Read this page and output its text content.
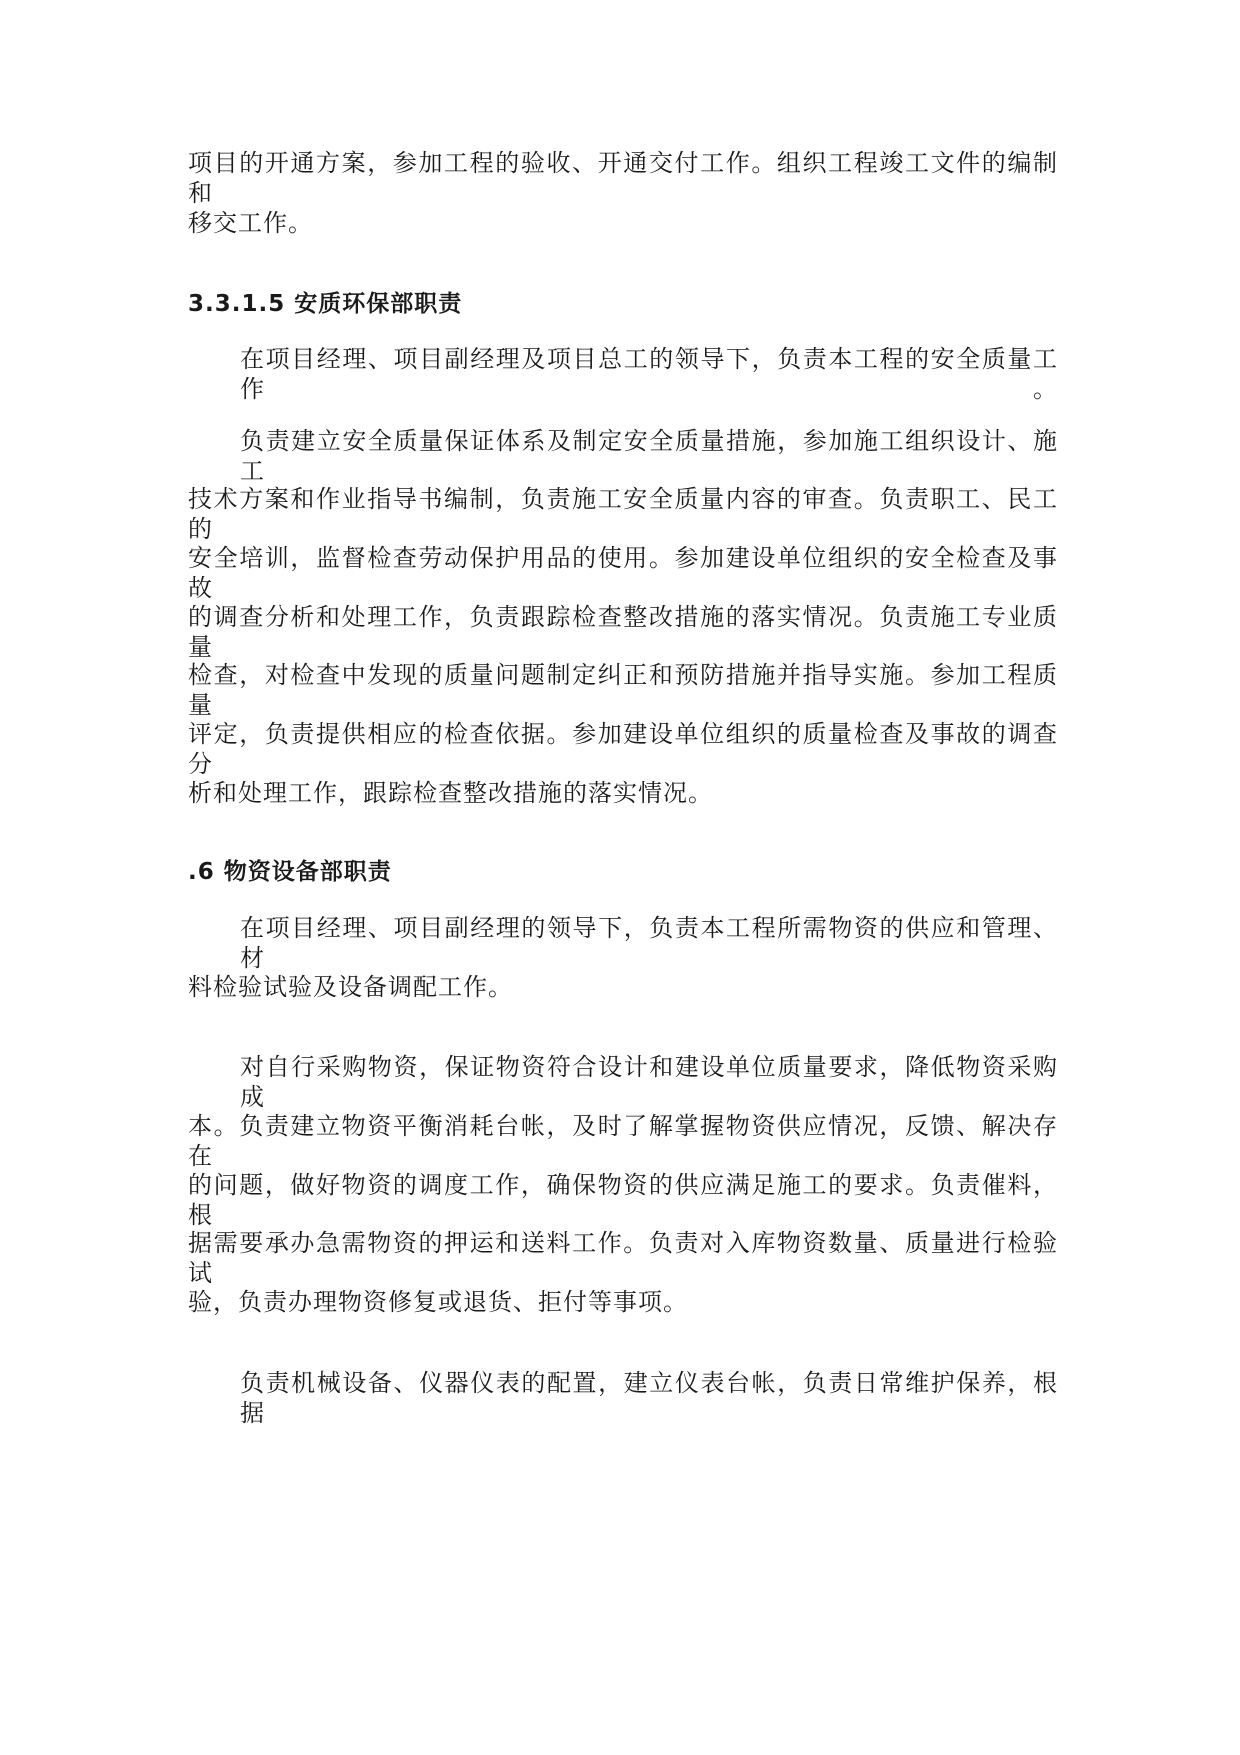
项目的开通方案，参加工程的验收、开通交付工作。组织工程竣工文件的编制和
移交工作。
3.3.1.5 安质环保部职责
在项目经理、项目副经理及项目总工的领导下，负责本工程的安全质量工作。
负责建立安全质量保证体系及制定安全质量措施，参加施工组织设计、施工
技术方案和作业指导书编制，负责施工安全质量内容的审查。负责职工、民工的
安全培训，监督检查劳动保护用品的使用。参加建设单位组织的安全检查及事故
的调查分析和处理工作，负责跟踪检查整改措施的落实情况。负责施工专业质量
检查，对检查中发现的质量问题制定纠正和预防措施并指导实施。参加工程质量
评定，负责提供相应的检查依据。参加建设单位组织的质量检查及事故的调查分
析和处理工作，跟踪检查整改措施的落实情况。
.6 物资设备部职责
在项目经理、项目副经理的领导下，负责本工程所需物资的供应和管理、材
料检验试验及设备调配工作。
对自行采购物资，保证物资符合设计和建设单位质量要求，降低物资采购成
本。负责建立物资平衡消耗台帐，及时了解掌握物资供应情况，反馈、解决存在
的问题，做好物资的调度工作，确保物资的供应满足施工的要求。负责催料，根
据需要承办急需物资的押运和送料工作。负责对入库物资数量、质量进行检验试
验，负责办理物资修复或退货、拒付等事项。
负责机械设备、仪器仪表的配置，建立仪表台帐，负责日常维护保养，根据
